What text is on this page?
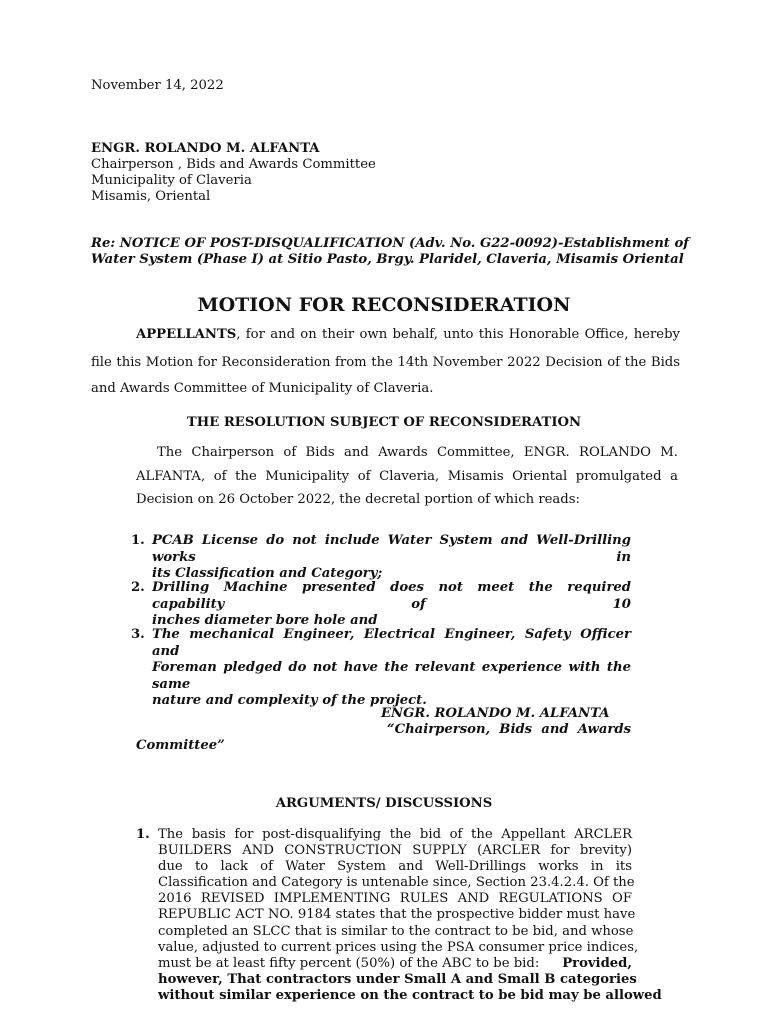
November 14, 2022
ENGR. ROLANDO M. ALFANTA
Chairperson , Bids and Awards Committee
Municipality of Claveria
Misamis, Oriental
Re: NOTICE OF POST-DISQUALIFICATION (Adv. No. G22-0092)-Establishment of
Water System (Phase I) at Sitio Pasto, Brgy. Plaridel, Claveria, Misamis Oriental
MOTION FOR RECONSIDERATION
APPELLANTS, for and on their own behalf, unto this Honorable Office, hereby
file this Motion for Reconsideration from the 14th November 2022 Decision of the Bids
and Awards Committee of Municipality of Claveria.
THE RESOLUTION SUBJECT OF RECONSIDERATION
The Chairperson of Bids and Awards Committee, ENGR. ROLANDO M.
ALFANTA, of the Municipality of Claveria, Misamis Oriental promulgated a
Decision on 26 October 2022, the decretal portion of which reads:
1. PCAB License do not include Water System and Well-Drilling works in
its Classification and Category;
2. Drilling Machine presented does not meet the required capability of 10
inches diameter bore hole and
3. The mechanical Engineer, Electrical Engineer, Safety Officer and
Foreman pledged do not have the relevant experience with the same
nature and complexity of the project.
ENGR. ROLANDO M. ALFANTA
“Chairperson, Bids and Awards
Committee”
ARGUMENTS/ DISCUSSIONS
1. The basis for post-disqualifying the bid of the Appellant ARCLER
BUILDERS AND CONSTRUCTION SUPPLY (ARCLER for brevity)
due to lack of Water System and Well-Drillings works in its
Classification and Category is untenable since, Section 23.4.2.4. Of the
2016 REVISED IMPLEMENTING RULES AND REGULATIONS OF
REPUBLIC ACT NO. 9184 states that the prospective bidder must have
completed an SLCC that is similar to the contract to be bid, and whose
value, adjusted to current prices using the PSA consumer price indices,
must be at least fifty percent (50%) of the ABC to be bid: Provided,
however, That contractors under Small A and Small B categories
without similar experience on the contract to be bid may be allowed
